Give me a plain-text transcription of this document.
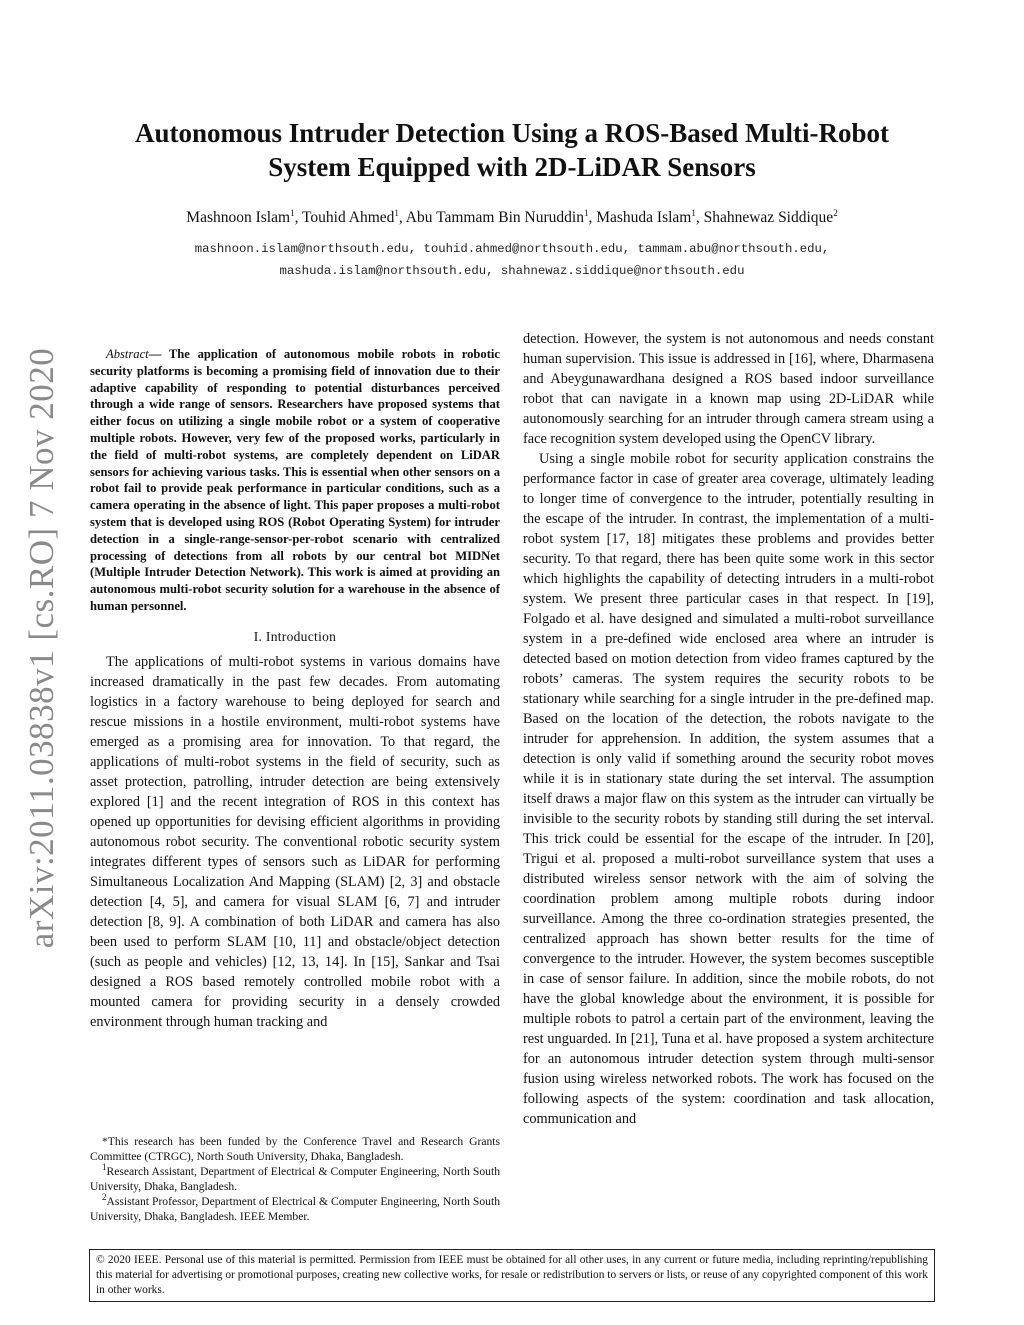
arXiv:2011.03838v1 [cs.RO] 7 Nov 2020
Autonomous Intruder Detection Using a ROS-Based Multi-Robot
System Equipped with 2D-LiDAR Sensors
Mashnoon Islam$^1$, Touhid Ahmed$^1$, Abu Tammam Bin Nuruddin$^1$, Mashuda Islam$^1$, Shahnewaz Siddique$^2$
mashnoon.islam@northsouth.edu, touhid.ahmed@northsouth.edu, tammam.abu@northsouth.edu,
mashuda.islam@northsouth.edu, shahnewaz.siddique@northsouth.edu

Abstract— The application of autonomous mobile robots in robotic security platforms is becoming a promising field of innovation due to their adaptive capability of responding to potential disturbances perceived through a wide range of sensors. Researchers have proposed systems that either focus on utilizing a single mobile robot or a system of cooperative multiple robots. However, very few of the proposed works, particularly in the field of multi-robot systems, are completely dependent on LiDAR sensors for achieving various tasks. This is essential when other sensors on a robot fail to provide peak performance in particular conditions, such as a camera operating in the absence of light. This paper proposes a multi-robot system that is developed using ROS (Robot Operating System) for intruder detection in a single-range-sensor-per-robot scenario with centralized processing of detections from all robots by our central bot MIDNet (Multiple Intruder Detection Network). This work is aimed at providing an autonomous multi-robot security solution for a warehouse in the absence of human personnel.

I. Introduction

The applications of multi-robot systems in various domains have increased dramatically in the past few decades. From automating logistics in a factory warehouse to being deployed for search and rescue missions in a hostile environment, multi-robot systems have emerged as a promising area for innovation. To that regard, the applications of multi-robot systems in the field of security, such as asset protection, patrolling, intruder detection are being extensively explored [1] and the recent integration of ROS in this context has opened up opportunities for devising efficient algorithms in providing autonomous robot security. The conventional robotic security system integrates different types of sensors such as LiDAR for performing Simultaneous Localization And Mapping (SLAM) [2, 3] and obstacle detection [4, 5], and camera for visual SLAM [6, 7] and intruder detection [8, 9]. A combination of both LiDAR and camera has also been used to perform SLAM [10, 11] and obstacle/object detection (such as people and vehicles) [12, 13, 14]. In [15], Sankar and Tsai designed a ROS based remotely controlled mobile robot with a mounted camera for providing security in a densely crowded environment through human tracking and

detection. However, the system is not autonomous and needs constant human supervision. This issue is addressed in [16], where, Dharmasena and Abeygunawardhana designed a ROS based indoor surveillance robot that can navigate in a known map using 2D-LiDAR while autonomously searching for an intruder through camera stream using a face recognition system developed using the OpenCV library.

Using a single mobile robot for security application constrains the performance factor in case of greater area coverage, ultimately leading to longer time of convergence to the intruder, potentially resulting in the escape of the intruder. In contrast, the implementation of a multi-robot system [17, 18] mitigates these problems and provides better security. To that regard, there has been quite some work in this sector which highlights the capability of detecting intruders in a multi-robot system. We present three particular cases in that respect. In [19], Folgado et al. have designed and simulated a multi-robot surveillance system in a pre-defined wide enclosed area where an intruder is detected based on motion detection from video frames captured by the robots’ cameras. The system requires the security robots to be stationary while searching for a single intruder in the pre-defined map. Based on the location of the detection, the robots navigate to the intruder for apprehension. In addition, the system assumes that a detection is only valid if something around the security robot moves while it is in stationary state during the set interval. The assumption itself draws a major flaw on this system as the intruder can virtually be invisible to the security robots by standing still during the set interval. This trick could be essential for the escape of the intruder. In [20], Trigui et al. proposed a multi-robot surveillance system that uses a distributed wireless sensor network with the aim of solving the coordination problem among multiple robots during indoor surveillance. Among the three co-ordination strategies presented, the centralized approach has shown better results for the time of convergence to the intruder. However, the system becomes susceptible in case of sensor failure. In addition, since the mobile robots, do not have the global knowledge about the environment, it is possible for multiple robots to patrol a certain part of the environment, leaving the rest unguarded. In [21], Tuna et al. have proposed a system architecture for an autonomous intruder detection system through multi-sensor fusion using wireless networked robots. The work has focused on the following aspects of the system: coordination and task allocation, communication and

*This research has been funded by the Conference Travel and Research Grants Committee (CTRGC), North South University, Dhaka, Bangladesh.

$^1$Research Assistant, Department of Electrical & Computer Engineering, North South University, Dhaka, Bangladesh.

$^2$Assistant Professor, Department of Electrical & Computer Engineering, North South University, Dhaka, Bangladesh. IEEE Member.

© 2020 IEEE. Personal use of this material is permitted. Permission from IEEE must be obtained for all other uses, in any current or future media, including reprinting/republishing this material for advertising or promotional purposes, creating new collective works, for resale or redistribution to servers or lists, or reuse of any copyrighted component of this work in other works.
